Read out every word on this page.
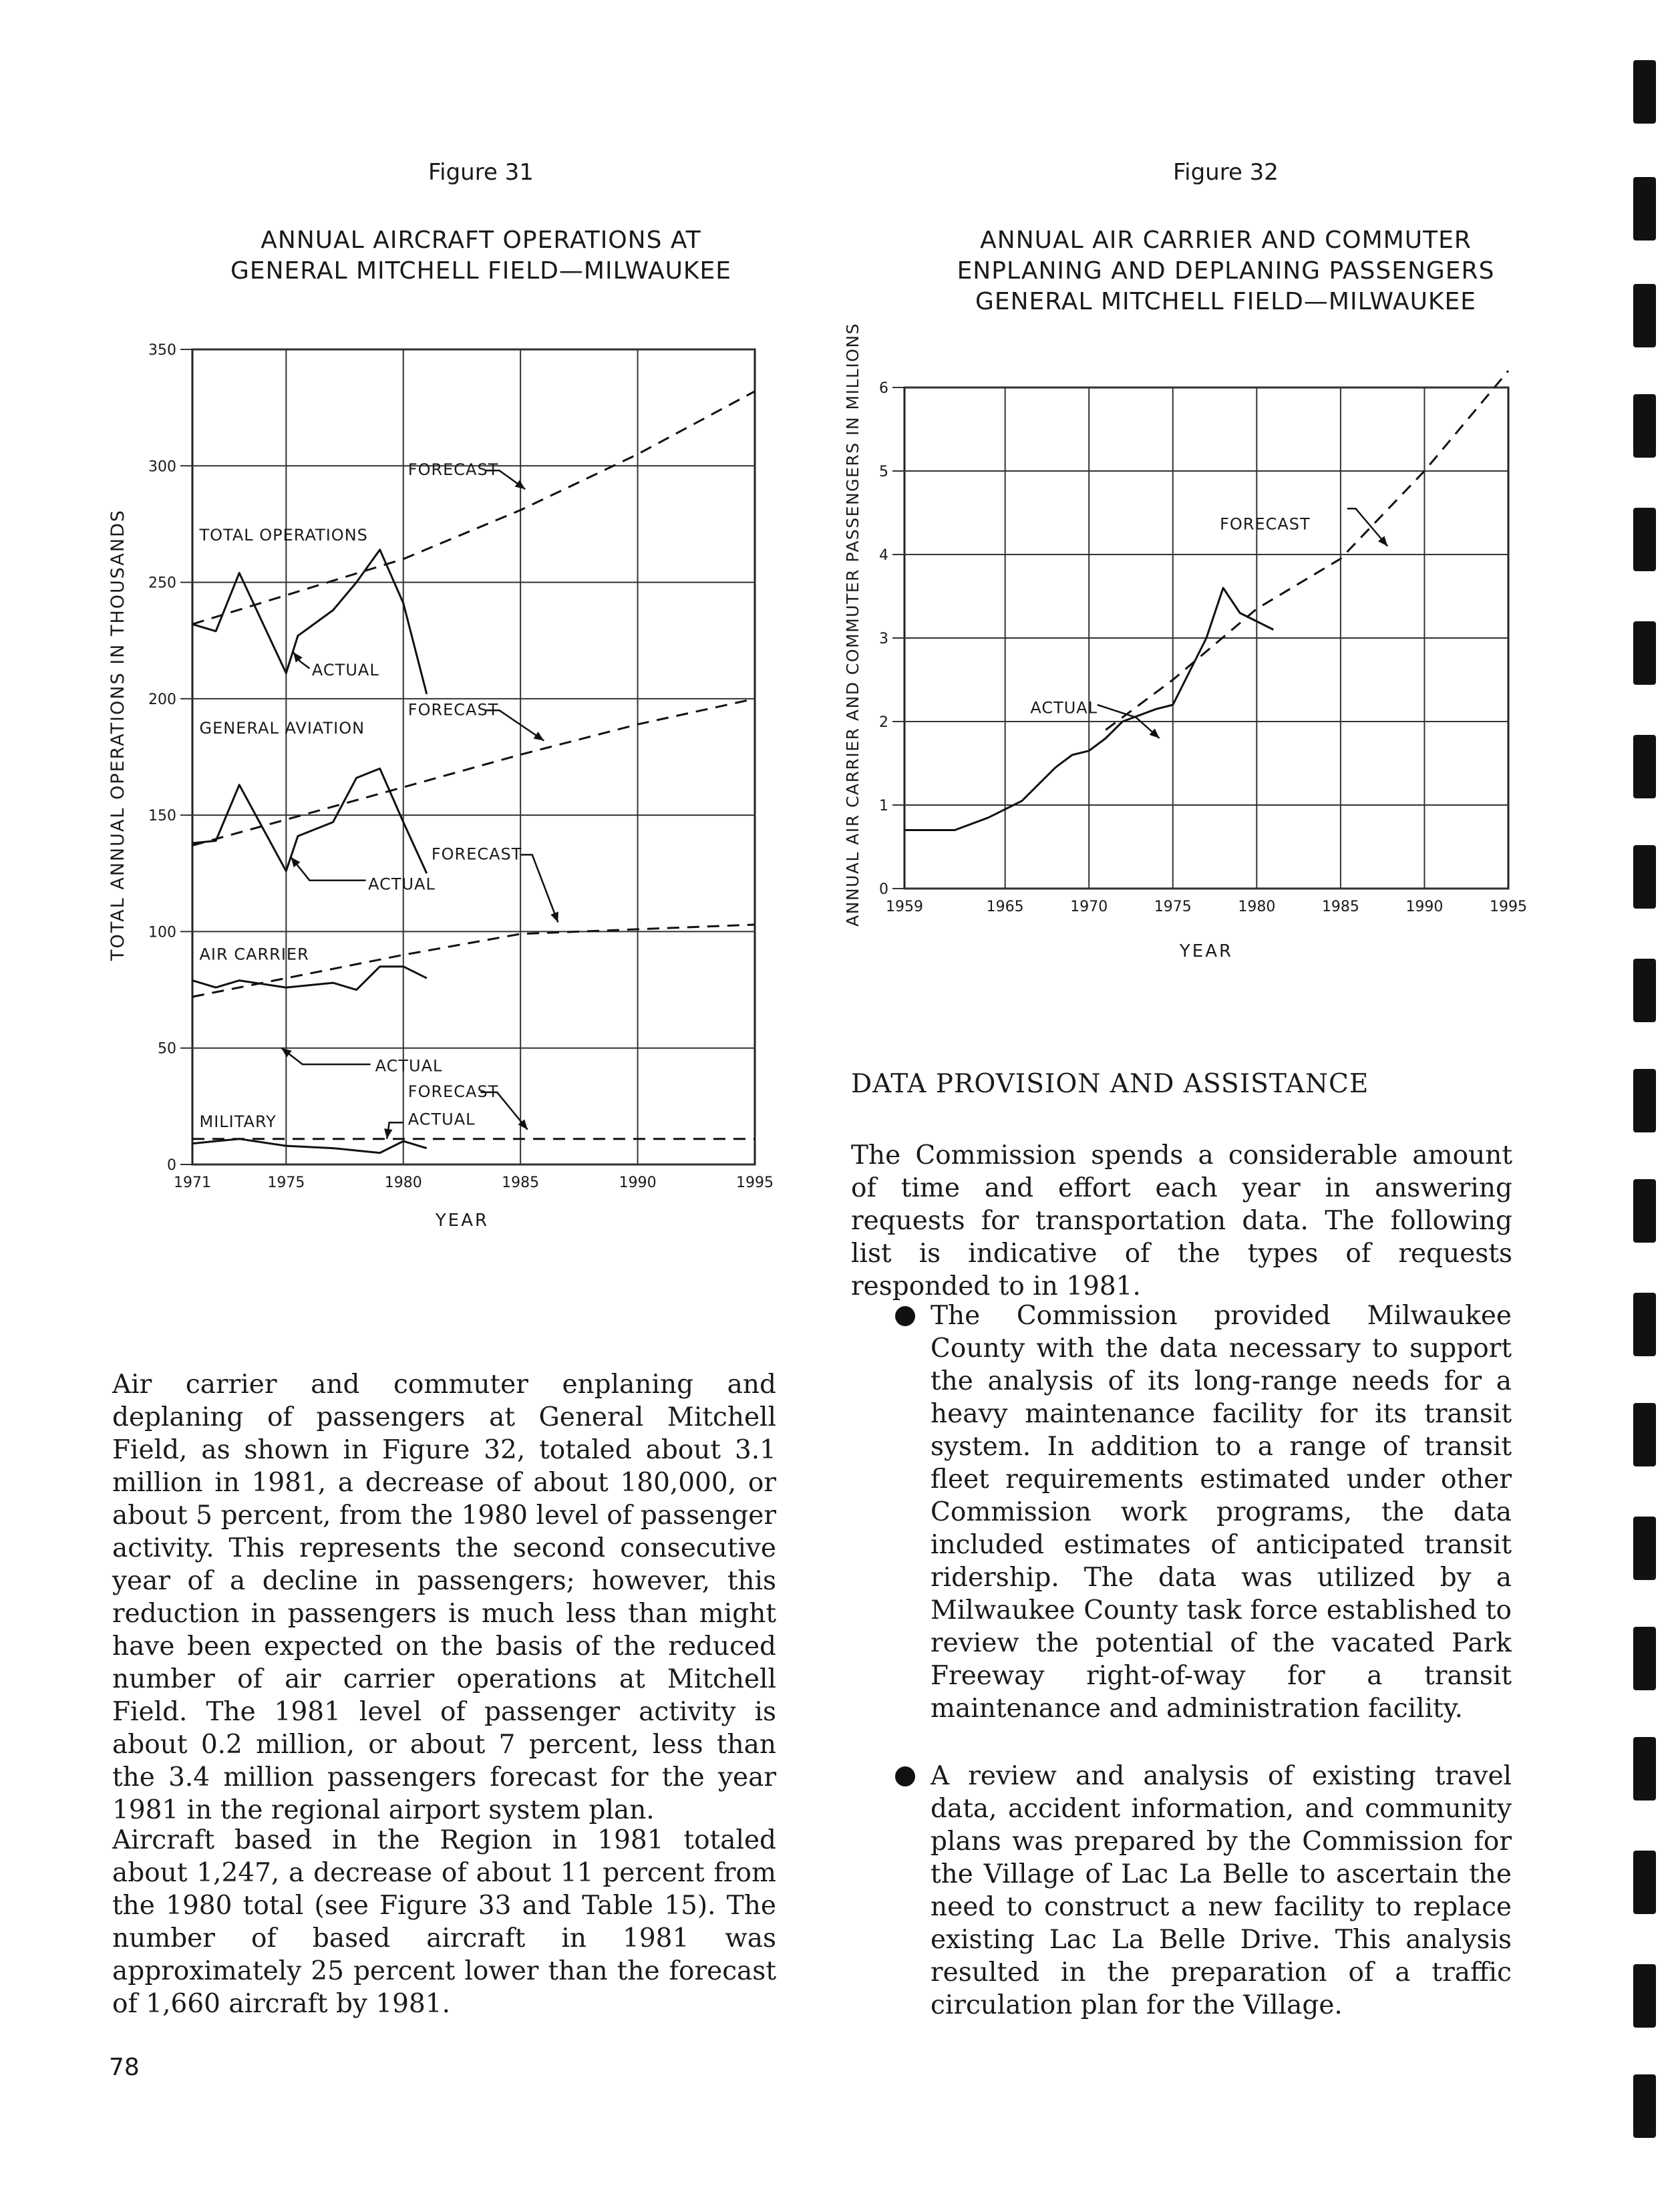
Figure 31
ANNUAL AIRCRAFT OPERATIONS AT
GENERAL MITCHELL FIELD—MILWAUKEE
Figure 32
ANNUAL AIR CARRIER AND COMMUTER
ENPLANING AND DEPLANING PASSENGERS
GENERAL MITCHELL FIELD—MILWAUKEE
TOTAL ANNUAL OPERATIONS IN THOUSANDS
YEAR
0
50
100
150
200
250
300
350
1971	1975	1980	1985	1990	1995
TOTAL OPERATIONS
FORECAST
ACTUAL
GENERAL AVIATION
FORECAST
FORECAST
ACTUAL
AIR CARRIER
ACTUAL
MILITARY
FORECAST
ACTUAL
ANNUAL AIR CARRIER AND COMMUTER PASSENGERS IN MILLIONS
YEAR
0
1
2
3
4
5
6
1959	1965	1970	1975	1980	1985	1990	1995
FORECAST
ACTUAL

Air carrier and commuter enplaning and deplaning of passengers at General Mitchell Field, as shown in Figure 32, totaled about 3.1 million in 1981, a decrease of about 180,000, or about 5 percent, from the 1980 level of passenger activity. This represents the second consecutive year of a decline in passengers; however, this reduction in passengers is much less than might have been expected on the basis of the reduced number of air carrier operations at Mitchell Field. The 1981 level of passenger activity is about 0.2 million, or about 7 percent, less than the 3.4 million passengers forecast for the year 1981 in the regional airport system plan.

Aircraft based in the Region in 1981 totaled about 1,247, a decrease of about 11 percent from the 1980 total (see Figure 33 and Table 15). The number of based aircraft in 1981 was approximately 25 percent lower than the forecast of 1,660 aircraft by 1981.

DATA PROVISION AND ASSISTANCE

The Commission spends a considerable amount of time and effort each year in answering requests for transportation data. The following list is indicative of the types of requests responded to in 1981.

The Commission provided Milwaukee County with the data necessary to support the analysis of its long-range needs for a heavy maintenance facility for its transit system. In addition to a range of transit fleet requirements estimated under other Commission work programs, the data included estimates of anticipated transit ridership. The data was utilized by a Milwaukee County task force established to review the potential of the vacated Park Freeway right-of-way for a transit maintenance and administration facility.

A review and analysis of existing travel data, accident information, and community plans was prepared by the Commission for the Village of Lac La Belle to ascertain the need to construct a new facility to replace existing Lac La Belle Drive. This analysis resulted in the preparation of a traffic circulation plan for the Village.

78
